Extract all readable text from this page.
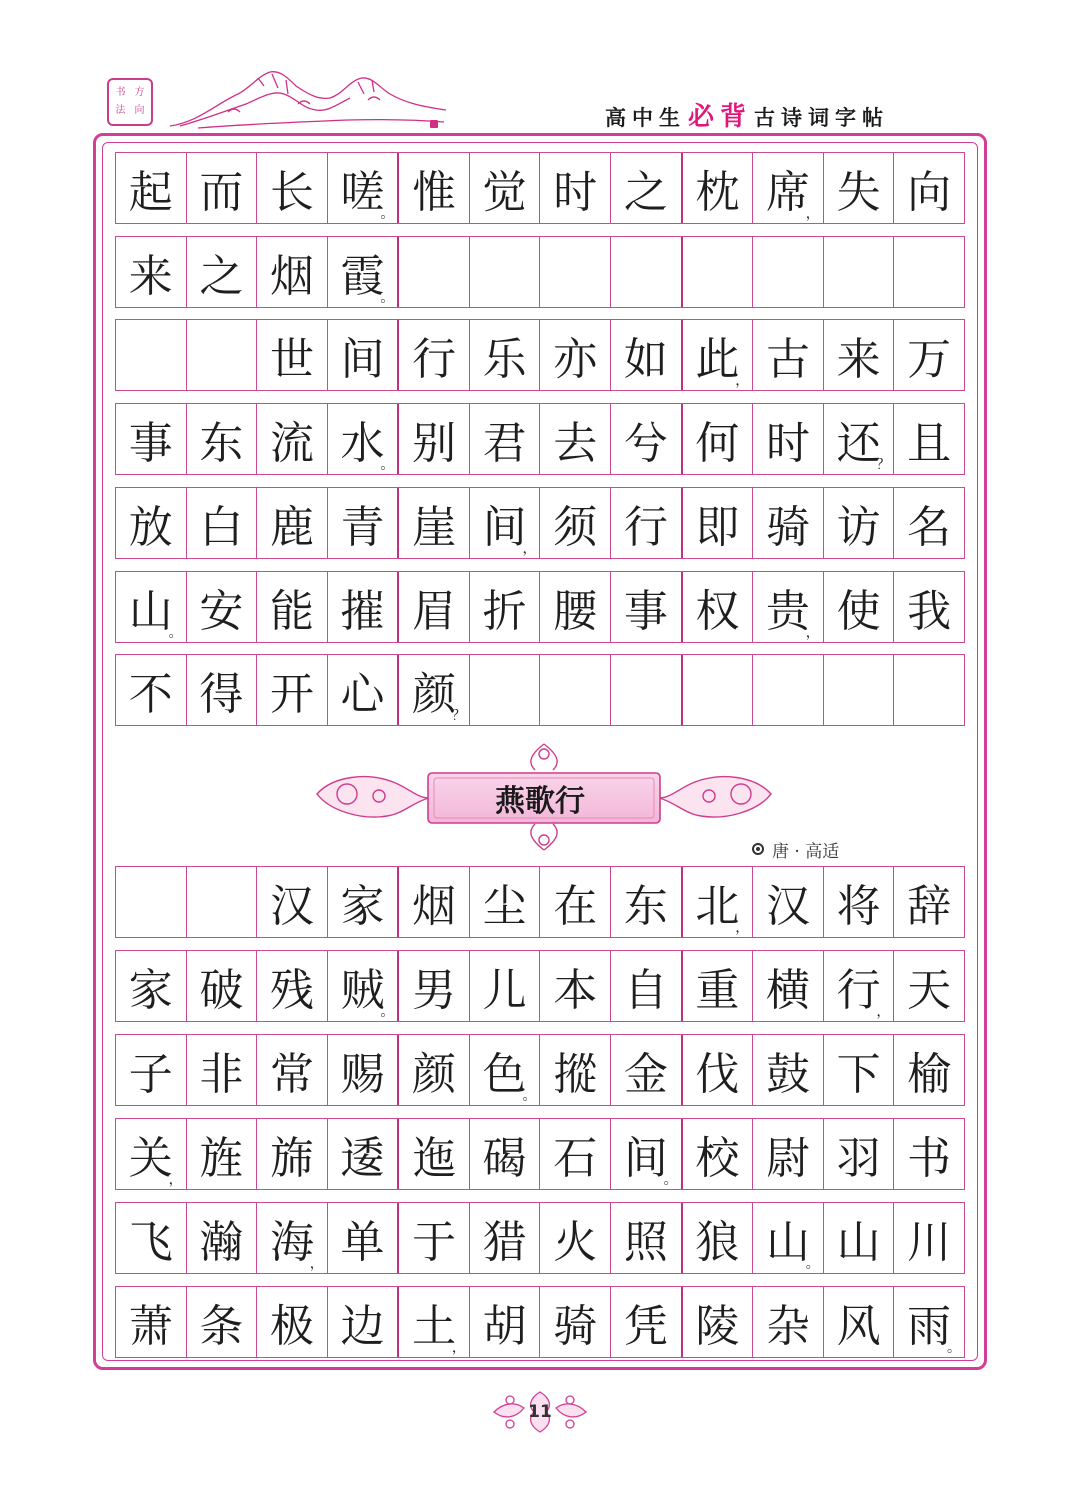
书 方
法 向	高中生 必背 古诗词字帖
起 而 长 嗟
。 惟 觉 时 之 枕 席
， 失 向
来 之 烟 霞
。
世 间 行 乐 亦 如 此
， 古 来 万
事 东 流 水
。 别 君 去 兮 何 时 还
？ 且
放 白 鹿 青 崖 间
， 须 行 即 骑 访 名
山
。 安 能 摧 眉 折 腰 事 权 贵
， 使 我
不 得 开 心 颜
？
燕歌行
唐 · 高适
汉 家 烟 尘 在 东 北
， 汉 将 辞
家 破 残 贼
。 男 儿 本 自 重 横 行
， 天
子 非 常 赐 颜 色
。 摐 金 伐 鼓 下 榆
关
， 旌 旆 逶 迤 碣 石 间
。 校 尉 羽 书
飞 瀚 海
， 单 于 猎 火 照 狼 山
。 山 川
萧 条 极 边 土
， 胡 骑 凭 陵 杂 风 雨
。
11
